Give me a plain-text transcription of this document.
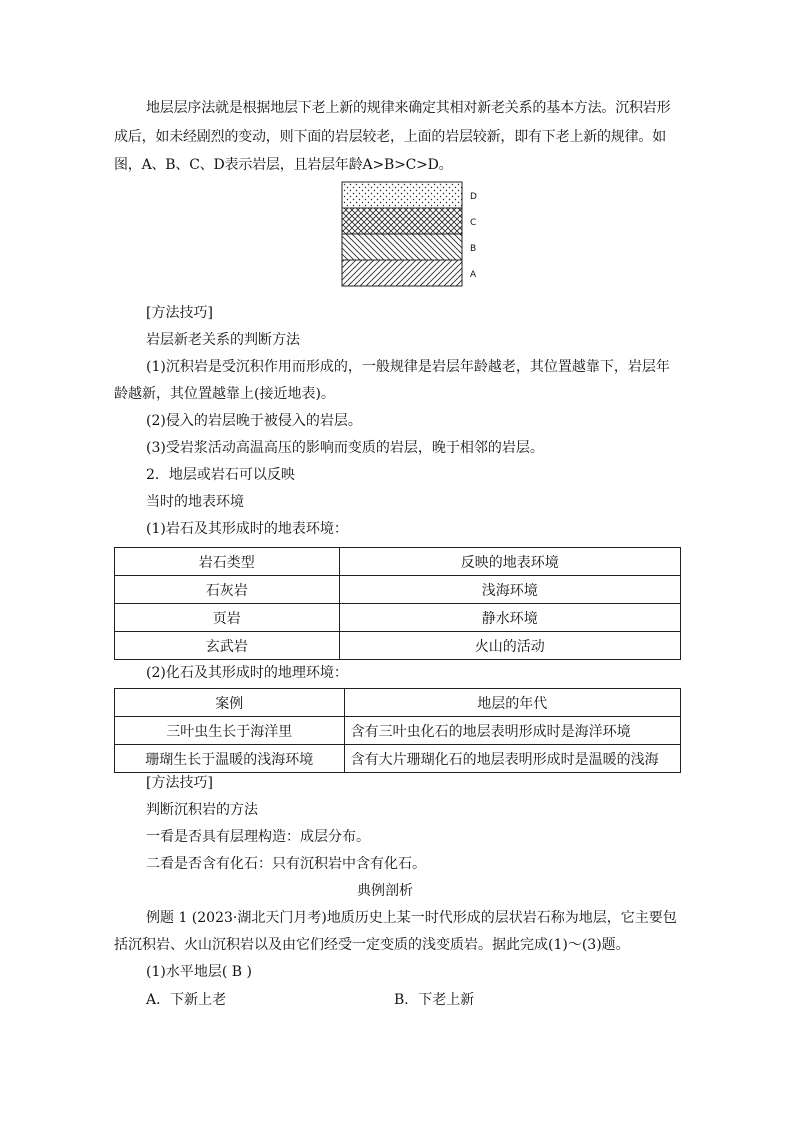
地层层序法就是根据地层下老上新的规律来确定其相对新老关系的基本方法。沉积岩形成后，如未经剧烈的变动，则下面的岩层较老，上面的岩层较新，即有下老上新的规律。如图，A、B、C、D表示岩层，且岩层年龄A>B>C>D。
D
C
B
A
[方法技巧]
岩层新老关系的判断方法
(1)沉积岩是受沉积作用而形成的，一般规律是岩层年龄越老，其位置越靠下，岩层年
龄越新，其位置越靠上(接近地表)。
(2)侵入的岩层晚于被侵入的岩层。
(3)受岩浆活动高温高压的影响而变质的岩层，晚于相邻的岩层。
2．地层或岩石可以反映
当时的地表环境
(1)岩石及其形成时的地表环境：
岩石类型	反映的地表环境
石灰岩	浅海环境
页岩	静水环境
玄武岩	火山的活动
(2)化石及其形成时的地理环境：
案例	地层的年代
三叶虫生长于海洋里	含有三叶虫化石的地层表明形成时是海洋环境
珊瑚生长于温暖的浅海环境	含有大片珊瑚化石的地层表明形成时是温暖的浅海
[方法技巧]
判断沉积岩的方法
一看是否具有层理构造：成层分布。
二看是否含有化石：只有沉积岩中含有化石。
典例剖析
例题 1 (2023·湖北天门月考)地质历史上某一时代形成的层状岩石称为地层，它主要包
括沉积岩、火山沉积岩以及由它们经受一定变质的浅变质岩。据此完成(1)～(3)题。
(1)水平地层( B )
A．下新上老	B．下老上新
